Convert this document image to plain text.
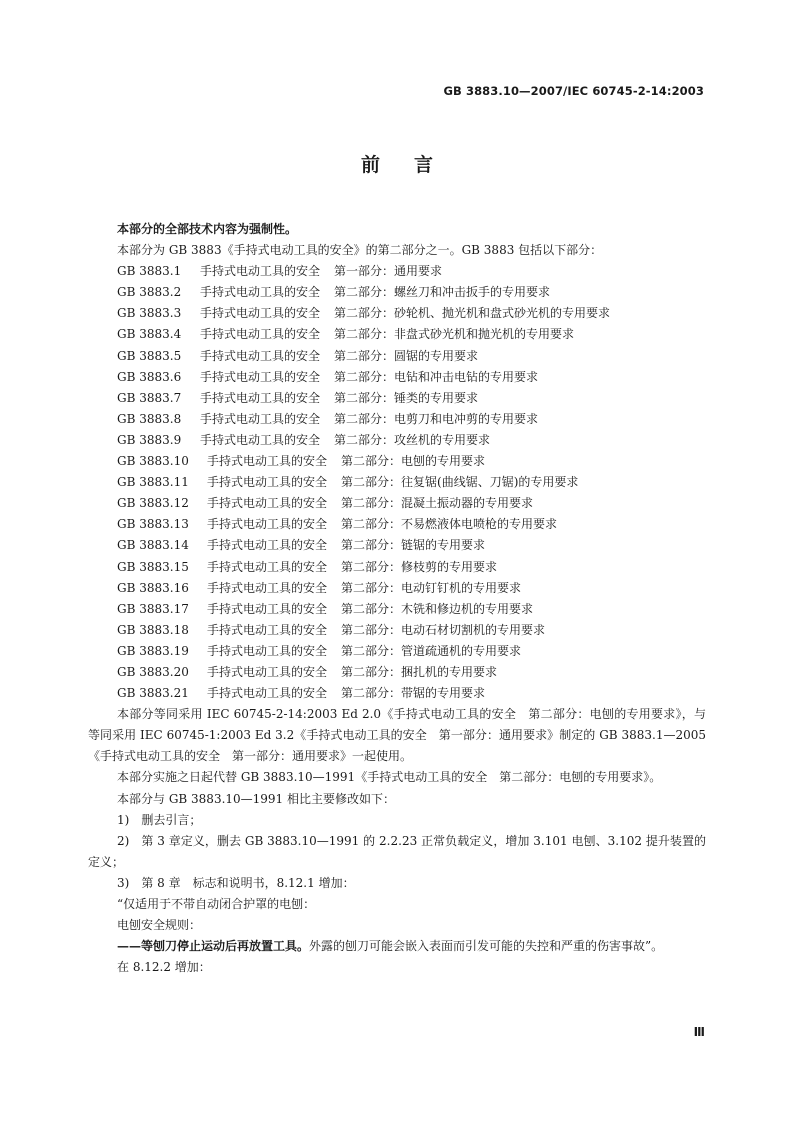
GB 3883.10—2007/IEC 60745-2-14:2003
前言
本部分的全部技术内容为强制性。
本部分为 GB 3883《手持式电动工具的安全》的第二部分之一。GB 3883 包括以下部分：
GB 3883.1	手持式电动工具的安全 第一部分：通用要求
GB 3883.2	手持式电动工具的安全 第二部分：螺丝刀和冲击扳手的专用要求
GB 3883.3	手持式电动工具的安全 第二部分：砂轮机、抛光机和盘式砂光机的专用要求
GB 3883.4	手持式电动工具的安全 第二部分：非盘式砂光机和抛光机的专用要求
GB 3883.5	手持式电动工具的安全 第二部分：圆锯的专用要求
GB 3883.6	手持式电动工具的安全 第二部分：电钻和冲击电钻的专用要求
GB 3883.7	手持式电动工具的安全 第二部分：锤类的专用要求
GB 3883.8	手持式电动工具的安全 第二部分：电剪刀和电冲剪的专用要求
GB 3883.9	手持式电动工具的安全 第二部分：攻丝机的专用要求
GB 3883.10	手持式电动工具的安全 第二部分：电刨的专用要求
GB 3883.11	手持式电动工具的安全 第二部分：往复锯(曲线锯、刀锯)的专用要求
GB 3883.12	手持式电动工具的安全 第二部分：混凝土振动器的专用要求
GB 3883.13	手持式电动工具的安全 第二部分：不易燃液体电喷枪的专用要求
GB 3883.14	手持式电动工具的安全 第二部分：链锯的专用要求
GB 3883.15	手持式电动工具的安全 第二部分：修枝剪的专用要求
GB 3883.16	手持式电动工具的安全 第二部分：电动钉钉机的专用要求
GB 3883.17	手持式电动工具的安全 第二部分：木铣和修边机的专用要求
GB 3883.18	手持式电动工具的安全 第二部分：电动石材切割机的专用要求
GB 3883.19	手持式电动工具的安全 第二部分：管道疏通机的专用要求
GB 3883.20	手持式电动工具的安全 第二部分：捆扎机的专用要求
GB 3883.21	手持式电动工具的安全 第二部分：带锯的专用要求
本部分等同采用 IEC 60745-2-14:2003 Ed 2.0《手持式电动工具的安全　第二部分：电刨的专用要求》，与等同采用 IEC 60745-1:2003 Ed 3.2《手持式电动工具的安全　第一部分：通用要求》制定的 GB 3883.1—2005《手持式电动工具的安全　第一部分：通用要求》一起使用。
本部分实施之日起代替 GB 3883.10—1991《手持式电动工具的安全　第二部分：电刨的专用要求》。
本部分与 GB 3883.10—1991 相比主要修改如下：
1)　删去引言；
2)　第 3 章定义，删去 GB 3883.10—1991 的 2.2.23 正常负载定义，增加 3.101 电刨、3.102 提升装置的定义；
3)　第 8 章　标志和说明书，8.12.1 增加：
“仅适用于不带自动闭合护罩的电刨：
电刨安全规则：
——等刨刀停止运动后再放置工具。外露的刨刀可能会嵌入表面而引发可能的失控和严重的伤害事故”。
在 8.12.2 增加：
Ⅲ
